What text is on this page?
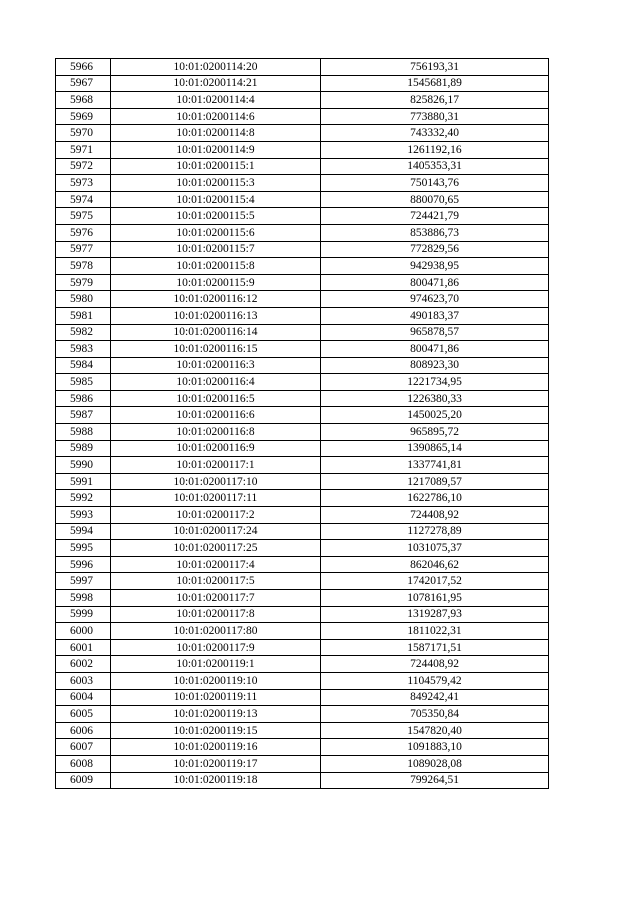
5966	10:01:0200114:20	756193,31
5967	10:01:0200114:21	1545681,89
5968	10:01:0200114:4	825826,17
5969	10:01:0200114:6	773880,31
5970	10:01:0200114:8	743332,40
5971	10:01:0200114:9	1261192,16
5972	10:01:0200115:1	1405353,31
5973	10:01:0200115:3	750143,76
5974	10:01:0200115:4	880070,65
5975	10:01:0200115:5	724421,79
5976	10:01:0200115:6	853886,73
5977	10:01:0200115:7	772829,56
5978	10:01:0200115:8	942938,95
5979	10:01:0200115:9	800471,86
5980	10:01:0200116:12	974623,70
5981	10:01:0200116:13	490183,37
5982	10:01:0200116:14	965878,57
5983	10:01:0200116:15	800471,86
5984	10:01:0200116:3	808923,30
5985	10:01:0200116:4	1221734,95
5986	10:01:0200116:5	1226380,33
5987	10:01:0200116:6	1450025,20
5988	10:01:0200116:8	965895,72
5989	10:01:0200116:9	1390865,14
5990	10:01:0200117:1	1337741,81
5991	10:01:0200117:10	1217089,57
5992	10:01:0200117:11	1622786,10
5993	10:01:0200117:2	724408,92
5994	10:01:0200117:24	1127278,89
5995	10:01:0200117:25	1031075,37
5996	10:01:0200117:4	862046,62
5997	10:01:0200117:5	1742017,52
5998	10:01:0200117:7	1078161,95
5999	10:01:0200117:8	1319287,93
6000	10:01:0200117:80	1811022,31
6001	10:01:0200117:9	1587171,51
6002	10:01:0200119:1	724408,92
6003	10:01:0200119:10	1104579,42
6004	10:01:0200119:11	849242,41
6005	10:01:0200119:13	705350,84
6006	10:01:0200119:15	1547820,40
6007	10:01:0200119:16	1091883,10
6008	10:01:0200119:17	1089028,08
6009	10:01:0200119:18	799264,51
